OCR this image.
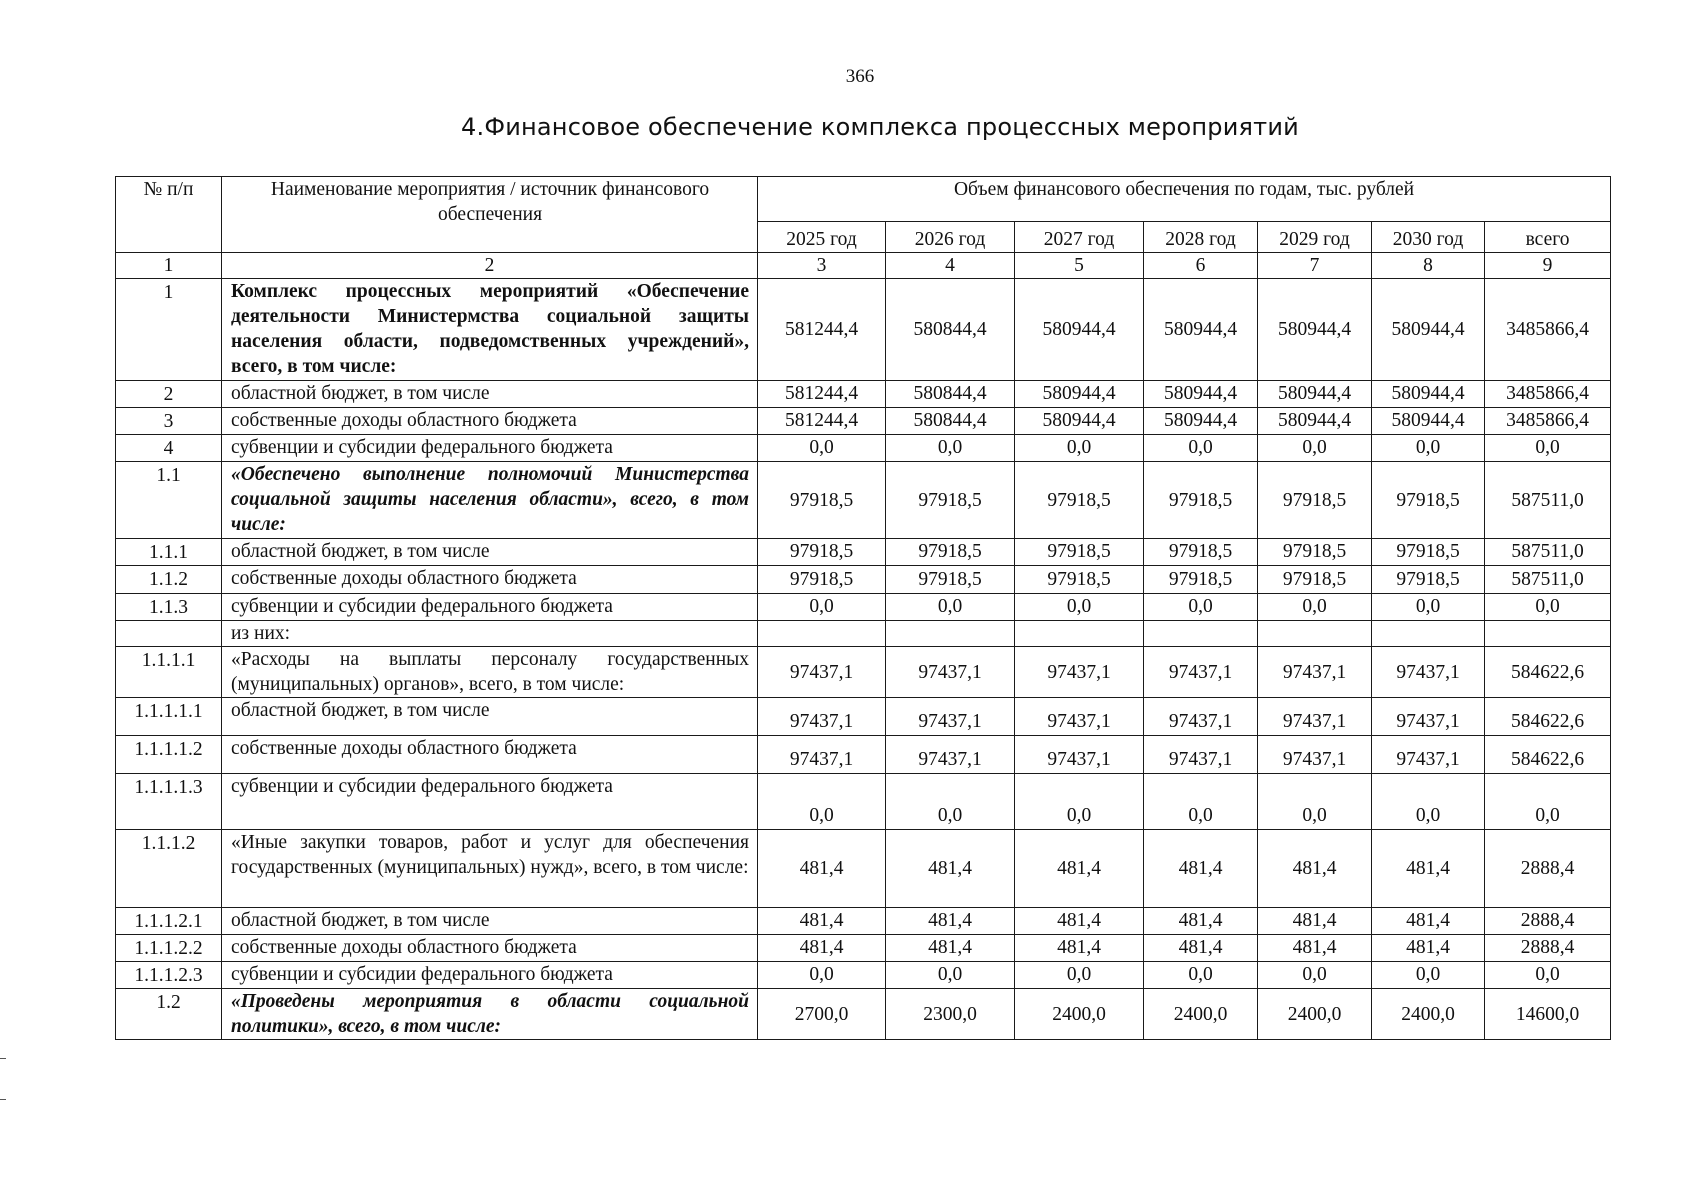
366
4.Финансовое обеспечение комплекса процессных мероприятий
№ п/п	Наименование мероприятия / источник финансового обеспечения	Объем финансового обеспечения по годам, тыс. рублей						
		2025 год	2026 год	2027 год	2028 год	2029 год	2030 год	всего
1	2	3	4	5	6	7	8	9
1	Комплекс процессных мероприятий «Обеспечение деятельности Министермства социальной защиты населения области, подведомственных учреждений», всего, в том числе:	581244,4	580844,4	580944,4	580944,4	580944,4	580944,4	3485866,4
2	областной бюджет, в том числе	581244,4	580844,4	580944,4	580944,4	580944,4	580944,4	3485866,4
3	собственные доходы областного бюджета	581244,4	580844,4	580944,4	580944,4	580944,4	580944,4	3485866,4
4	субвенции и субсидии федерального бюджета	0,0	0,0	0,0	0,0	0,0	0,0	0,0
1.1	«Обеспечено выполнение полномочий Министерства социальной защиты населения области», всего, в том числе:	97918,5	97918,5	97918,5	97918,5	97918,5	97918,5	587511,0
1.1.1	областной бюджет, в том числе	97918,5	97918,5	97918,5	97918,5	97918,5	97918,5	587511,0
1.1.2	собственные доходы областного бюджета	97918,5	97918,5	97918,5	97918,5	97918,5	97918,5	587511,0
1.1.3	субвенции и субсидии федерального бюджета	0,0	0,0	0,0	0,0	0,0	0,0	0,0
	из них:							
1.1.1.1	«Расходы на выплаты персоналу государственных (муниципальных) органов», всего, в том числе:	97437,1	97437,1	97437,1	97437,1	97437,1	97437,1	584622,6
1.1.1.1.1	областной бюджет, в том числе	97437,1	97437,1	97437,1	97437,1	97437,1	97437,1	584622,6
1.1.1.1.2	собственные доходы областного бюджета	97437,1	97437,1	97437,1	97437,1	97437,1	97437,1	584622,6
1.1.1.1.3	субвенции и субсидии федерального бюджета	0,0	0,0	0,0	0,0	0,0	0,0	0,0
1.1.1.2	«Иные закупки товаров, работ и услуг для обеспечения государственных (муниципальных) нужд», всего, в том числе:	481,4	481,4	481,4	481,4	481,4	481,4	2888,4
1.1.1.2.1	областной бюджет, в том числе	481,4	481,4	481,4	481,4	481,4	481,4	2888,4
1.1.1.2.2	собственные доходы областного бюджета	481,4	481,4	481,4	481,4	481,4	481,4	2888,4
1.1.1.2.3	субвенции и субсидии федерального бюджета	0,0	0,0	0,0	0,0	0,0	0,0	0,0
1.2	«Проведены мероприятия в области социальной политики», всего, в том числе:	2700,0	2300,0	2400,0	2400,0	2400,0	2400,0	14600,0
